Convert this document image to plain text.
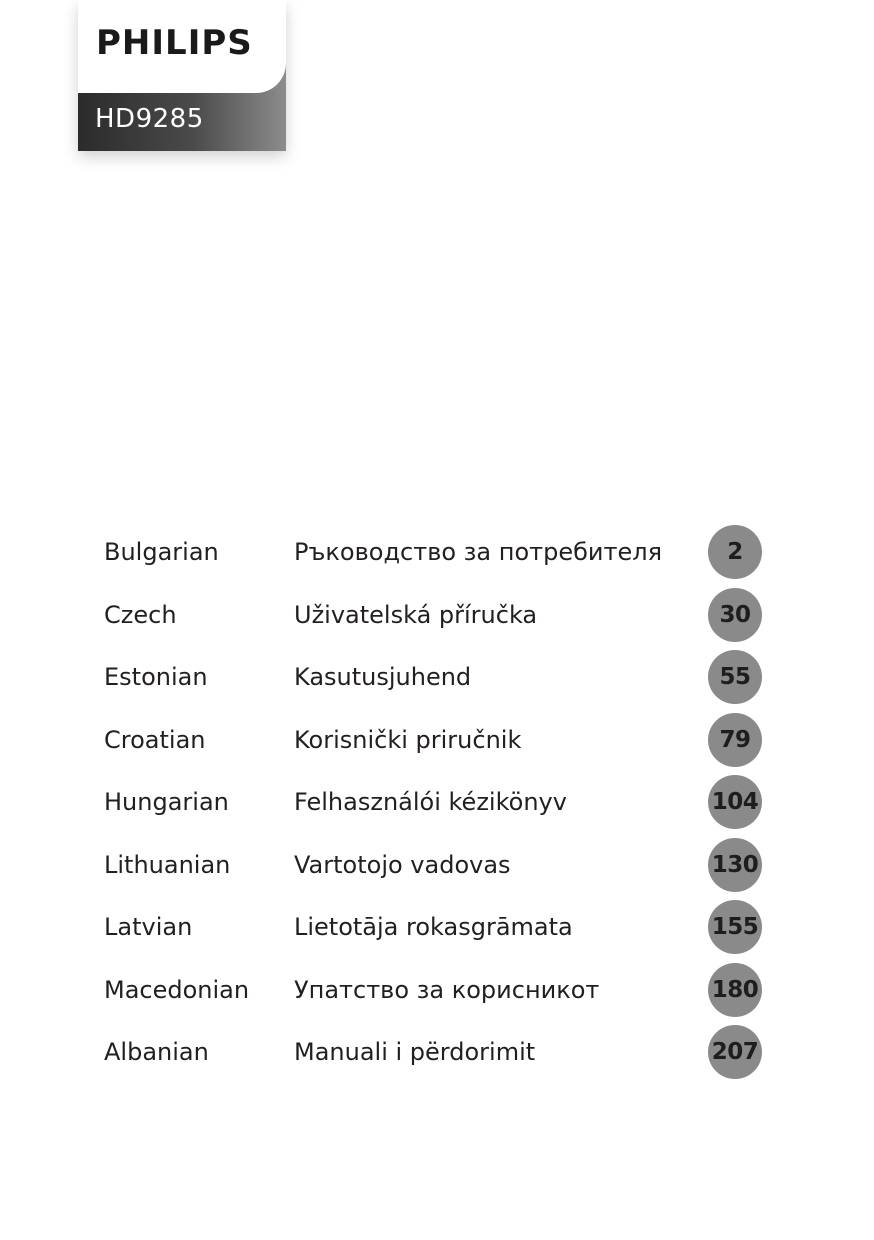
PHILIPS
HD9285
Bulgarian	Ръководство за потребителя	2
Czech	Uživatelská příručka	30
Estonian	Kasutusjuhend	55
Croatian	Korisnički priručnik	79
Hungarian	Felhasználói kézikönyv	104
Lithuanian	Vartotojo vadovas	130
Latvian	Lietotāja rokasgrāmata	155
Macedonian Упатство за корисникот	180
Albanian	Manuali i përdorimit	207
